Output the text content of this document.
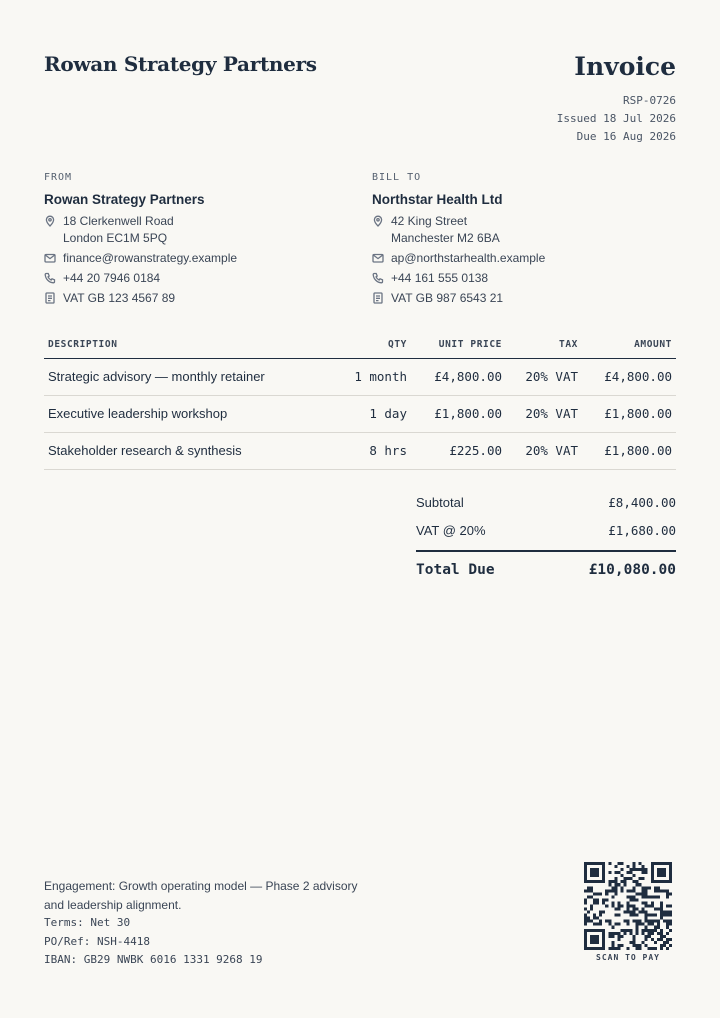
Rowan Strategy Partners	Invoice
RSP-0726
Issued 18 Jul 2026
Due 16 Aug 2026
FROM
Rowan Strategy Partners
18 Clerkenwell Road
London EC1M 5PQ
finance@rowanstrategy.example
+44 20 7946 0184
VAT GB 123 4567 89
BILL TO
Northstar Health Ltd
42 King Street
Manchester M2 6BA
ap@northstarhealth.example
+44 161 555 0138
VAT GB 987 6543 21
DESCRIPTION	QTY	UNIT PRICE	TAX	AMOUNT
Strategic advisory — monthly retainer	1 month	£4,800.00	20% VAT	£4,800.00
Executive leadership workshop	1 day	£1,800.00	20% VAT	£1,800.00
Stakeholder research & synthesis	8 hrs	£225.00	20% VAT	£1,800.00
Subtotal	£8,400.00
VAT @ 20%	£1,680.00
Total Due	£10,080.00
Engagement: Growth operating model — Phase 2 advisory
and leadership alignment.
Terms: Net 30
PO/Ref: NSH-4418
IBAN: GB29 NWBK 6016 1331 9268 19	SCAN TO PAY
